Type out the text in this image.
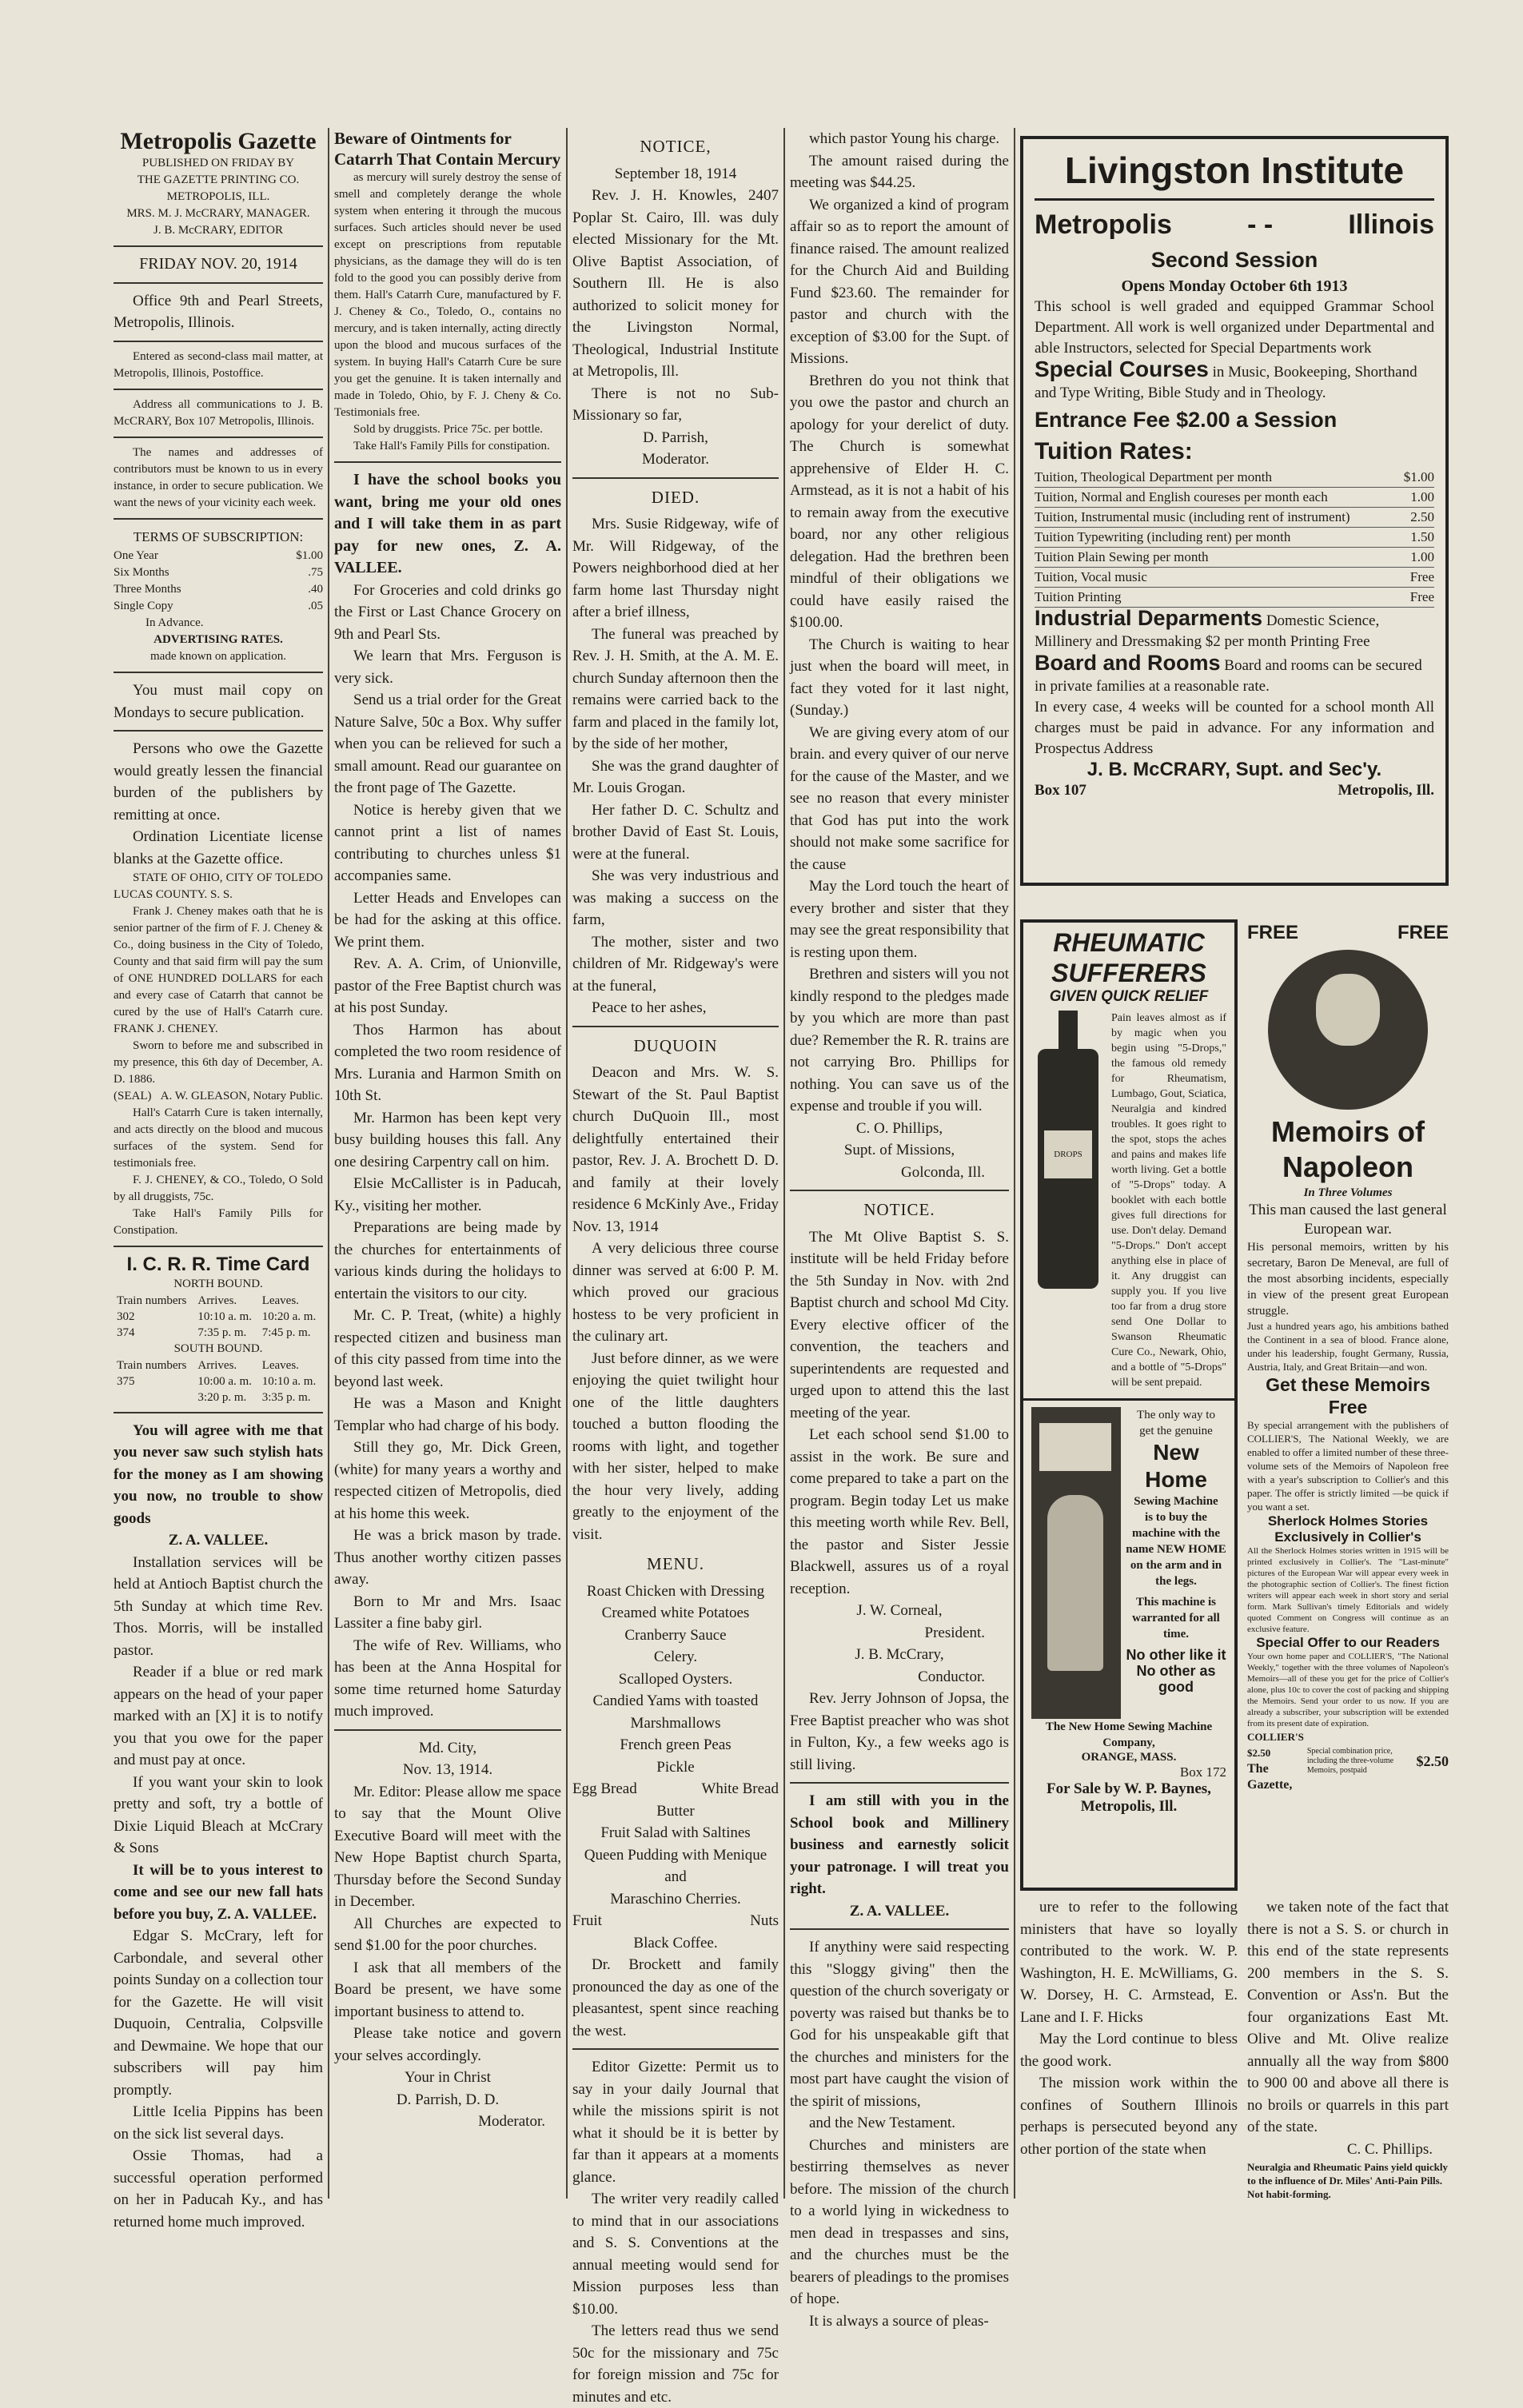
Metropolis Gazette
PUBLISHED ON FRIDAY BY
THE GAZETTE PRINTING CO.
METROPOLIS, ILL.
MRS. M. J. McCRARY, MANAGER.
J. B. McCRARY, EDITOR
FRIDAY NOV. 20, 1914

Office 9th and Pearl Streets, Metropolis, Illinois.

Entered as second-class mail matter, at Metropolis, Illinois, Postoffice.

Address all communications to J. B. McCRARY, Box 107 Metropolis, Illinois.

The names and addresses of contributors must be known to us in every instance, in order to secure publication. We want the news of your vicinity each week.

TERMS OF SUBSCRIPTION:
One Year	$1.00
Six Months	.75
Three Months	.40
Single Copy	.05
In Advance.
ADVERTISING RATES.
made known on application.

You must mail copy on Mondays to secure publication.

Persons who owe the Gazette would greatly lessen the financial burden of the publishers by remitting at once.

Ordination Licentiate license blanks at the Gazette office.

STATE OF OHIO, CITY OF TOLEDO LUCAS COUNTY. S. S.

Frank J. Cheney makes oath that he is senior partner of the firm of F. J. Cheney & Co., doing business in the City of Toledo, County and that said firm will pay the sum of ONE HUNDRED DOLLARS for each and every case of Catarrh that cannot be cured by the use of Hall's Catarrh cure. FRANK J. CHENEY.

Sworn to before me and subscribed in my presence, this 6th day of December, A. D. 1886.

(SEAL) A. W. GLEASON, Notary Public.

Hall's Catarrh Cure is taken internally, and acts directly on the blood and mucous surfaces of the system. Send for testimonials free.

F. J. CHENEY, & CO., Toledo, O Sold by all druggists, 75c.

Take Hall's Family Pills for Constipation.

I. C. R. R. Time Card
NORTH BOUND.
Train numbers	Arrives.	Leaves.
302	10:10 a. m.	10:20 a. m.
374	7:35 p. m.	7:45 p. m.
SOUTH BOUND.
Train numbers	Arrives.	Leaves.
375	10:00 a. m.	10:10 a. m.
	3:20 p. m.	3:35 p. m.

You will agree with me that you never saw such stylish hats for the money as I am showing you now, no trouble to show goods

Z. A. VALLEE.

Installation services will be held at Antioch Baptist church the 5th Sunday at which time Rev. Thos. Morris, will be installed pastor.

Reader if a blue or red mark appears on the head of your paper marked with an [X] it is to notify you that you owe for the paper and must pay at once.

If you want your skin to look pretty and soft, try a bottle of Dixie Liquid Bleach at McCrary & Sons

It will be to yous interest to come and see our new fall hats before you buy, Z. A. VALLEE.

Edgar S. McCrary, left for Carbondale, and several other points Sunday on a collection tour for the Gazette. He will visit Duquoin, Centralia, Colpsville and Dewmaine. We hope that our subscribers will pay him promptly.

Little Icelia Pippins has been on the sick list several days.

Ossie Thomas, had a successful operation performed on her in Paducah Ky., and has returned home much improved.

Beware of Ointments for Catarrh That Contain Mercury

as mercury will surely destroy the sense of smell and completely derange the whole system when entering it through the mucous surfaces. Such articles should never be used except on prescriptions from reputable physicians, as the damage they will do is ten fold to the good you can possibly derive from them. Hall's Catarrh Cure, manufactured by F. J. Cheney & Co., Toledo, O., contains no mercury, and is taken internally, acting directly upon the blood and mucous surfaces of the system. In buying Hall's Catarrh Cure be sure you get the genuine. It is taken internally and made in Toledo, Ohio, by F. J. Cheny & Co. Testimonials free.

Sold by druggists. Price 75c. per bottle.

Take Hall's Family Pills for constipation.

I have the school books you want, bring me your old ones and I will take them in as part pay for new ones, Z. A. VALLEE.

For Groceries and cold drinks go the First or Last Chance Grocery on 9th and Pearl Sts.

We learn that Mrs. Ferguson is very sick.

Send us a trial order for the Great Nature Salve, 50c a Box. Why suffer when you can be relieved for such a small amount. Read our guarantee on the front page of The Gazette.

Notice is hereby given that we cannot print a list of names contributing to churches unless $1 accompanies same.

Letter Heads and Envelopes can be had for the asking at this office. We print them.

Rev. A. A. Crim, of Unionville, pastor of the Free Baptist church was at his post Sunday.

Thos Harmon has about completed the two room residence of Mrs. Lurania and Harmon Smith on 10th St.

Mr. Harmon has been kept very busy building houses this fall. Any one desiring Carpentry call on him.

Elsie McCallister is in Paducah, Ky., visiting her mother.

Preparations are being made by the churches for entertainments of various kinds during the holidays to entertain the visitors to our city.

Mr. C. P. Treat, (white) a highly respected citizen and business man of this city passed from time into the beyond last week.

He was a Mason and Knight Templar who had charge of his body.

Still they go, Mr. Dick Green, (white) for many years a worthy and respected citizen of Metropolis, died at his home this week.

He was a brick mason by trade. Thus another worthy citizen passes away.

Born to Mr and Mrs. Isaac Lassiter a fine baby girl.

The wife of Rev. Williams, who has been at the Anna Hospital for some time returned home Saturday much improved.

Md. City,
Nov. 13, 1914.

Mr. Editor: Please allow me space to say that the Mount Olive Executive Board will meet with the New Hope Baptist church Sparta, Thursday before the Second Sunday in December.

All Churches are expected to send $1.00 for the poor churches.

I ask that all members of the Board be present, we have some important business to attend to.

Please take notice and govern your selves accordingly.

Your in Christ
D. Parrish, D. D.
Moderator.
NOTICE,
September 18, 1914

Rev. J. H. Knowles, 2407 Poplar St. Cairo, Ill. was duly elected Missionary for the Mt. Olive Baptist Association, of Southern Ill. He is also authorized to solicit money for the Livingston Normal, Theological, Industrial Institute at Metropolis, Ill.

There is not no Sub-Missionary so far,

D. Parrish,
Moderator.
DIED.

Mrs. Susie Ridgeway, wife of Mr. Will Ridgeway, of the Powers neighborhood died at her farm home last Thursday night after a brief illness,

The funeral was preached by Rev. J. H. Smith, at the A. M. E. church Sunday afternoon then the remains were carried back to the farm and placed in the family lot, by the side of her mother,

She was the grand daughter of Mr. Louis Grogan.

Her father D. C. Schultz and brother David of East St. Louis, were at the funeral.

She was very industrious and was making a success on the farm,

The mother, sister and two children of Mr. Ridgeway's were at the funeral,

Peace to her ashes,

DUQUOIN

Deacon and Mrs. W. S. Stewart of the St. Paul Baptist church DuQuoin Ill., most delightfully entertained their pastor, Rev. J. A. Brochett D. D. and family at their lovely residence 6 McKinly Ave., Friday Nov. 13, 1914

A very delicious three course dinner was served at 6:00 P. M. which proved our gracious hostess to be very proficient in the culinary art.

Just before dinner, as we were enjoying the quiet twilight hour one of the little daughters touched a button flooding the rooms with light, and together with her sister, helped to make the hour very lively, adding greatly to the enjoyment of the visit.

MENU.
Roast Chicken with Dressing
Creamed white Potatoes
Cranberry Sauce
Celery.
Scalloped Oysters.
Candied Yams with toasted
Marshmallows
French green Peas
Pickle
Egg Bread	White Bread
Butter
Fruit Salad with Saltines
Queen Pudding with Menique
and
Maraschino Cherries.
Fruit	Nuts
Black Coffee.

Dr. Brockett and family pronounced the day as one of the pleasantest, spent since reaching the west.

Editor Gizette: Permit us to say in your daily Journal that while the missions spirit is not what it should be it is better by far than it appears at a moments glance.

The writer very readily called to mind that in our associations and S. S. Conventions at the annual meeting would send for Mission purposes less than $10.00.

The letters read thus we send 50c for the missionary and 75c for foreign mission and 75c for minutes and etc.

which pastor Young his charge.

The amount raised during the meeting was $44.25.

We organized a kind of program affair so as to report the amount of finance raised. The amount realized for the Church Aid and Building Fund $23.60. The remainder for pastor and church with the exception of $3.00 for the Supt. of Missions.

Brethren do you not think that you owe the pastor and church an apology for your derelict of duty. The Church is somewhat apprehensive of Elder H. C. Armstead, as it is not a habit of his to remain away from the executive board, nor any other religious delegation. Had the brethren been mindful of their obligations we could have easily raised the $100.00.

The Church is waiting to hear just when the board will meet, in fact they voted for it last night, (Sunday.)

We are giving every atom of our brain. and every quiver of our nerve for the cause of the Master, and we see no reason that every minister that God has put into the work should not make some sacrifice for the cause

May the Lord touch the heart of every brother and sister that they may see the great responsibility that is resting upon them.

Brethren and sisters will you not kindly respond to the pledges made by you which are more than past due? Remember the R. R. trains are not carrying Bro. Phillips for nothing. You can save us of the expense and trouble if you will.

C. O. Phillips,
Supt. of Missions,
Golconda, Ill.
NOTICE.

The Mt Olive Baptist S. S. institute will be held Friday before the 5th Sunday in Nov. with 2nd Baptist church and school Md City. Every elective officer of the convention, the teachers and superintendents are requested and urged upon to attend this the last meeting of the year.

Let each school send $1.00 to assist in the work. Be sure and come prepared to take a part on the program. Begin today Let us make this meeting worth while Rev. Bell, the pastor and Sister Jessie Blackwell, assures us of a royal reception.

J. W. Corneal,
President.
J. B. McCrary,
Conductor.

Rev. Jerry Johnson of Jopsa, the Free Baptist preacher who was shot in Fulton, Ky., a few weeks ago is still living.

I am still with you in the School book and Millinery business and earnestly solicit your patronage. I will treat you right.

Z. A. VALLEE.

If anythiny were said respecting this "Sloggy giving" then the question of the church soverigaty or poverty was raised but thanks be to God for his unspeakable gift that the churches and ministers for the most part have caught the vision of the spirit of missions,

and the New Testament.

Churches and ministers are bestirring themselves as never before. The mission of the church to a world lying in wickedness to men dead in trespasses and sins, and the churches must be the bearers of pleadings to the promises of hope.

It is always a source of pleas-

Livingston Institute
Metropolis	- -	Illinois
Second Session
Opens Monday October 6th 1913
This school is well graded and equipped Grammar School Department. All work is well organized under Departmental and able Instructors, selected for Special Departments work
Special Courses in Music, Bookeeping, Shorthand and Type Writing, Bible Study and in Theology.
Entrance Fee $2.00 a Session
Tuition Rates:
Tuition, Theological Department per month	$1.00
Tuition, Normal and English coureses per month each	1.00
Tuition, Instrumental music (including rent of instrument)	2.50
Tuition Typewriting (including rent) per month	1.50
Tuition Plain Sewing per month	1.00
Tuition, Vocal music	Free
Tuition Printing	Free
Industrial Deparments Domestic Science, Millinery and Dressmaking $2 per month Printing Free
Board and Rooms Board and rooms can be secured in private families at a reasonable rate.
In every case, 4 weeks will be counted for a school month All charges must be paid in advance. For any information and Prospectus Address
J. B. McCRARY, Supt. and Sec'y.
Box 107	Metropolis, Ill.
RHEUMATIC
SUFFERERS
GIVEN QUICK RELIEF
DROPS
Pain leaves almost as if by magic when you begin using "5-Drops," the famous old remedy for Rheumatism, Lumbago, Gout, Sciatica, Neuralgia and kindred troubles. It goes right to the spot, stops the aches and pains and makes life worth living. Get a bottle of "5-Drops" today. A booklet with each bottle gives full directions for use. Don't delay. Demand "5-Drops." Don't accept anything else in place of it. Any druggist can supply you. If you live too far from a drug store send One Dollar to Swanson Rheumatic Cure Co., Newark, Ohio, and a bottle of "5-Drops" will be sent prepaid.
The only way to
get the genuine
New Home
Sewing Machine
is to buy the machine with the name NEW HOME on the arm and in the legs.
This machine is warranted for all time.
No other like it
No other as good
The New Home Sewing Machine Company,
ORANGE, MASS.
Box 172
For Sale by W. P. Baynes,
Metropolis, Ill.
FREE	FREE
Memoirs of
Napoleon
In Three Volumes
This man caused the last general European war.
His personal memoirs, written by his secretary, Baron De Meneval, are full of the most absorbing incidents, especially in view of the present great European struggle.
Just a hundred years ago, his ambitions bathed the Continent in a sea of blood. France alone, under his leadership, fought Germany, Russia, Austria, Italy, and Great Britain—and won.
Get these Memoirs Free
By special arrangement with the publishers of COLLIER'S, The National Weekly, we are enabled to offer a limited number of these three-volume sets of the Memoirs of Napoleon free with a year's subscription to Collier's and this paper. The offer is strictly limited —be quick if you want a set.
Sherlock Holmes Stories Exclusively in Collier's
All the Sherlock Holmes stories written in 1915 will be printed exclusively in Collier's. The "Last-minute" pictures of the European War will appear every week in the photographic section of Collier's. The finest fiction writers will appear each week in short story and serial form. Mark Sullivan's timely Editorials and widely quoted Comment on Congress will continue as an exclusive feature.
Special Offer to our Readers
Your own home paper and COLLIER'S, "The National Weekly," together with the three volumes of Napoleon's Memoirs—all of these you get for the price of Collier's alone, plus 10c to cover the cost of packing and shipping the Memoirs. Send your order to us now. If you are already a subscriber, your subscription will be extended from its present date of expiration.
COLLIER'S $2.50
The Gazette,
Special combination price, including the three-volume Memoirs, postpaid
$2.50

ure to refer to the following ministers that have so loyally contributed to the work. W. P. Washington, H. E. McWilliams, G. W. Dorsey, H. C. Armstead, E. Lane and I. F. Hicks

May the Lord continue to bless the good work.

The mission work within the confines of Southern Illinois perhaps is persecuted beyond any other portion of the state when

we taken note of the fact that there is not a S. S. or church in this end of the state represents 200 members in the S. S. Convention or Ass'n. But the four organizations East Mt. Olive and Mt. Olive realize annually all the way from $800 to 900 00 and above all there is no broils or quarrels in this part of the state.

C. C. Phillips.
Neuralgia and Rheumatic Pains yield quickly to the influence of Dr. Miles' Anti-Pain Pills. Not habit-forming.
